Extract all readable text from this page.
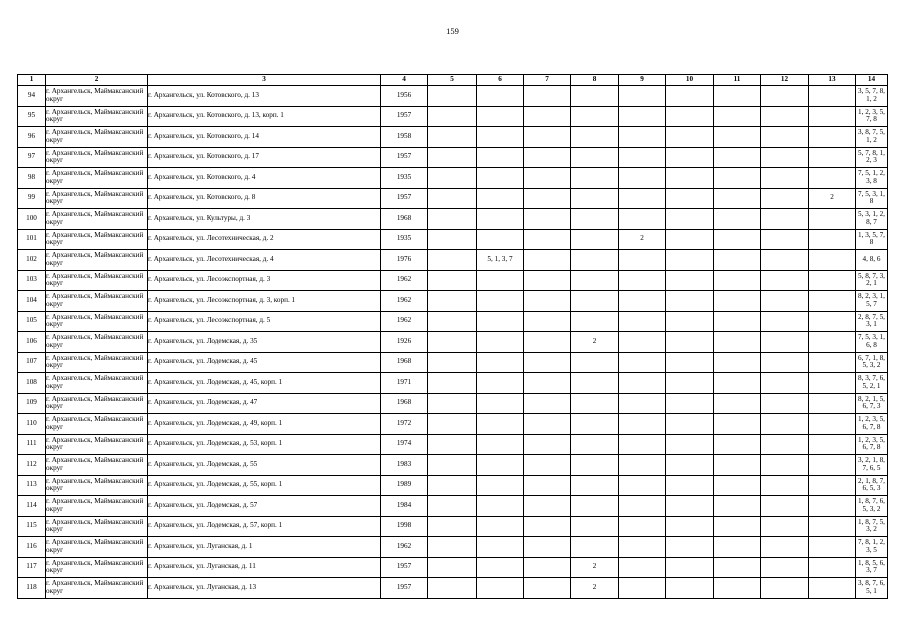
159
1	2	3	4	5	6	7	8	9	10	11	12	13	14
94	г. Архангельск, Маймаксанский округ	г. Архангельск, ул. Котовского, д. 13	1956										3, 5, 7, 8, 1, 2
95	г. Архангельск, Маймаксанский округ	г. Архангельск, ул. Котовского, д. 13, корп. 1	1957										1, 2, 3, 5, 7, 8
96	г. Архангельск, Маймаксанский округ	г. Архангельск, ул. Котовского, д. 14	1958										3, 8, 7, 5, 1, 2
97	г. Архангельск, Маймаксанский округ	г. Архангельск, ул. Котовского, д. 17	1957										5, 7, 8, 1, 2, 3
98	г. Архангельск, Маймаксанский округ	г. Архангельск, ул. Котовского, д. 4	1935										7, 5, 1, 2, 3, 8
99	г. Архангельск, Маймаксанский округ	г. Архангельск, ул. Котовского, д. 8	1957									2	7, 5, 3, 1, 8
100	г. Архангельск, Маймаксанский округ	г. Архангельск, ул. Культуры, д. 3	1968										5, 3, 1, 2, 8, 7
101	г. Архангельск, Маймаксанский округ	г. Архангельск, ул. Лесотехническая, д. 2	1935					2					1, 3, 5, 7, 8
102	г. Архангельск, Маймаксанский округ	г. Архангельск, ул. Лесотехническая, д. 4	1976		5, 1, 3, 7								4, 8, 6
103	г. Архангельск, Маймаксанский округ	г. Архангельск, ул. Лесоэкспортная, д. 3	1962										5, 8, 7, 3, 2, 1
104	г. Архангельск, Маймаксанский округ	г. Архангельск, ул. Лесоэкспортная, д. 3, корп. 1	1962										8, 2, 3, 1, 5, 7
105	г. Архангельск, Маймаксанский округ	г. Архангельск, ул. Лесоэкспортная, д. 5	1962										2, 8, 7, 5, 3, 1
106	г. Архангельск, Маймаксанский округ	г. Архангельск, ул. Лодемская, д. 35	1926				2						7, 5, 3, 1, 6, 8
107	г. Архангельск, Маймаксанский округ	г. Архангельск, ул. Лодемская, д. 45	1968										6, 7, 1, 8, 5, 3, 2
108	г. Архангельск, Маймаксанский округ	г. Архангельск, ул. Лодемская, д. 45, корп. 1	1971										8, 3, 7, 6, 5, 2, 1
109	г. Архангельск, Маймаксанский округ	г. Архангельск, ул. Лодемская, д. 47	1968										8, 2, 1, 5, 6, 7, 3
110	г. Архангельск, Маймаксанский округ	г. Архангельск, ул. Лодемская, д. 49, корп. 1	1972										1, 2, 3, 5, 6, 7, 8
111	г. Архангельск, Маймаксанский округ	г. Архангельск, ул. Лодемская, д. 53, корп. 1	1974										1, 2, 3, 5, 6, 7, 8
112	г. Архангельск, Маймаксанский округ	г. Архангельск, ул. Лодемская, д. 55	1983										3, 2, 1, 8, 7, 6, 5
113	г. Архангельск, Маймаксанский округ	г. Архангельск, ул. Лодемская, д. 55, корп. 1	1989										2, 1, 8, 7, 6, 5, 3
114	г. Архангельск, Маймаксанский округ	г. Архангельск, ул. Лодемская, д. 57	1984										1, 8, 7, 6, 5, 3, 2
115	г. Архангельск, Маймаксанский округ	г. Архангельск, ул. Лодемская, д. 57, корп. 1	1998										1, 8, 7, 5, 3, 2
116	г. Архангельск, Маймаксанский округ	г. Архангельск, ул. Луганская, д. 1	1962										7, 8, 1, 2, 3, 5
117	г. Архангельск, Маймаксанский округ	г. Архангельск, ул. Луганская, д. 11	1957				2						1, 8, 5, 6, 3, 7
118	г. Архангельск, Маймаксанский округ	г. Архангельск, ул. Луганская, д. 13	1957				2						3, 8, 7, 6, 5, 1
